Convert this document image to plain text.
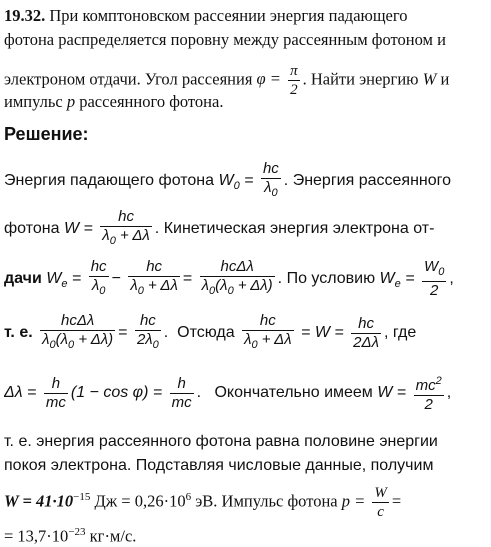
19.32. При комптоновском рассеянии энергия падающего
фотона распределяется поровну между рассеянным фотоном и
электроном отдачи. Угол рассеяния $\varphi = \frac{\pi}{2}$ . Найти энергию W и
импульс p рассеянного фотона.
Решение:
Энергия падающего фотона $W_0 = \frac{hc}{\lambda_0}$ . Энергия рассеянного
фотона $W = \frac{hc}{\lambda_0 + \Delta\lambda}$ . Кинетическая энергия электрона от-
дачи $W_e = \frac{hc}{\lambda_0} - \frac{hc}{\lambda_0 + \Delta\lambda} = \frac{\text{hcΔλ}}{\lambda_0(\lambda_0 + \Delta\lambda)}$ . По условию $W_e = \frac{W_0}{2}$ ,
т. е. $\frac{\text{hcΔλ}}{\lambda_0(\lambda_0 + \Delta\lambda)} = \frac{hc}{2\lambda_0}$ .  Отсюда $\frac{hc}{\lambda_0 + \Delta\lambda} = W = \frac{hc}{2\Delta\lambda}$ , где
$\Delta\lambda = \frac{h}{mc} (1 - \cos \varphi) = \frac{h}{mc}$ .   Окончательно имеем $W = \frac{mc^2}{2}$ ,
т. е. энергия рассеянного фотона равна половине энергии
покоя электрона. Подставляя числовые данные, получим
$W = 41\cdot 10^{-15}$ Дж = $0,26\cdot 10^6$ эВ. Импульс фотона $p = \frac{W}{c}$ =
= $13,7\cdot 10^{-23}$ кг·м/с.
